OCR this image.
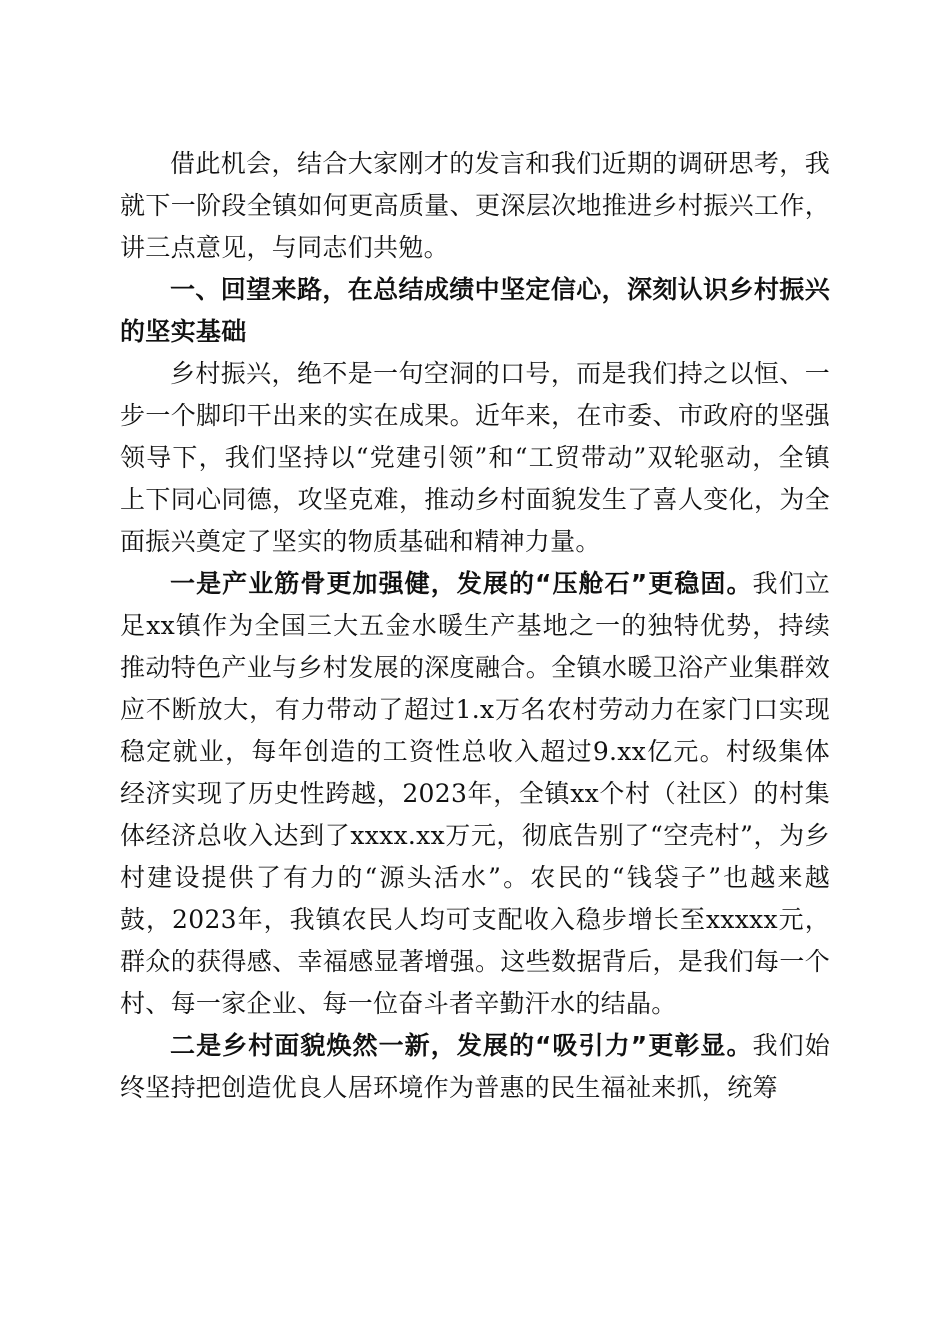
借此机会，结合大家刚才的发言和我们近期的调研思考，我就下一阶段全镇如何更高质量、更深层次地推进乡村振兴工作，讲三点意见，与同志们共勉。

一、回望来路，在总结成绩中坚定信心，深刻认识乡村振兴的坚实基础

乡村振兴，绝不是一句空洞的口号，而是我们持之以恒、一步一个脚印干出来的实在成果。近年来，在市委、市政府的坚强领导下，我们坚持以“党建引领”和“工贸带动”双轮驱动，全镇上下同心同德，攻坚克难，推动乡村面貌发生了喜人变化，为全面振兴奠定了坚实的物质基础和精神力量。

一是产业筋骨更加强健，发展的“压舱石”更稳固。我们立足xx镇作为全国三大五金水暖生产基地之一的独特优势，持续推动特色产业与乡村发展的深度融合。全镇水暖卫浴产业集群效应不断放大，有力带动了超过1.x万名农村劳动力在家门口实现稳定就业，每年创造的工资性总收入超过9.xx亿元。村级集体经济实现了历史性跨越，2023年，全镇xx个村（社区）的村集体经济总收入达到了xxxx.xx万元，彻底告别了“空壳村”，为乡村建设提供了有力的“源头活水”。农民的“钱袋子”也越来越鼓，2023年，我镇农民人均可支配收入稳步增长至xxxxx元，群众的获得感、幸福感显著增强。这些数据背后，是我们每一个村、每一家企业、每一位奋斗者辛勤汗水的结晶。

二是乡村面貌焕然一新，发展的“吸引力”更彰显。我们始终坚持把创造优良人居环境作为普惠的民生福祉来抓，统筹
